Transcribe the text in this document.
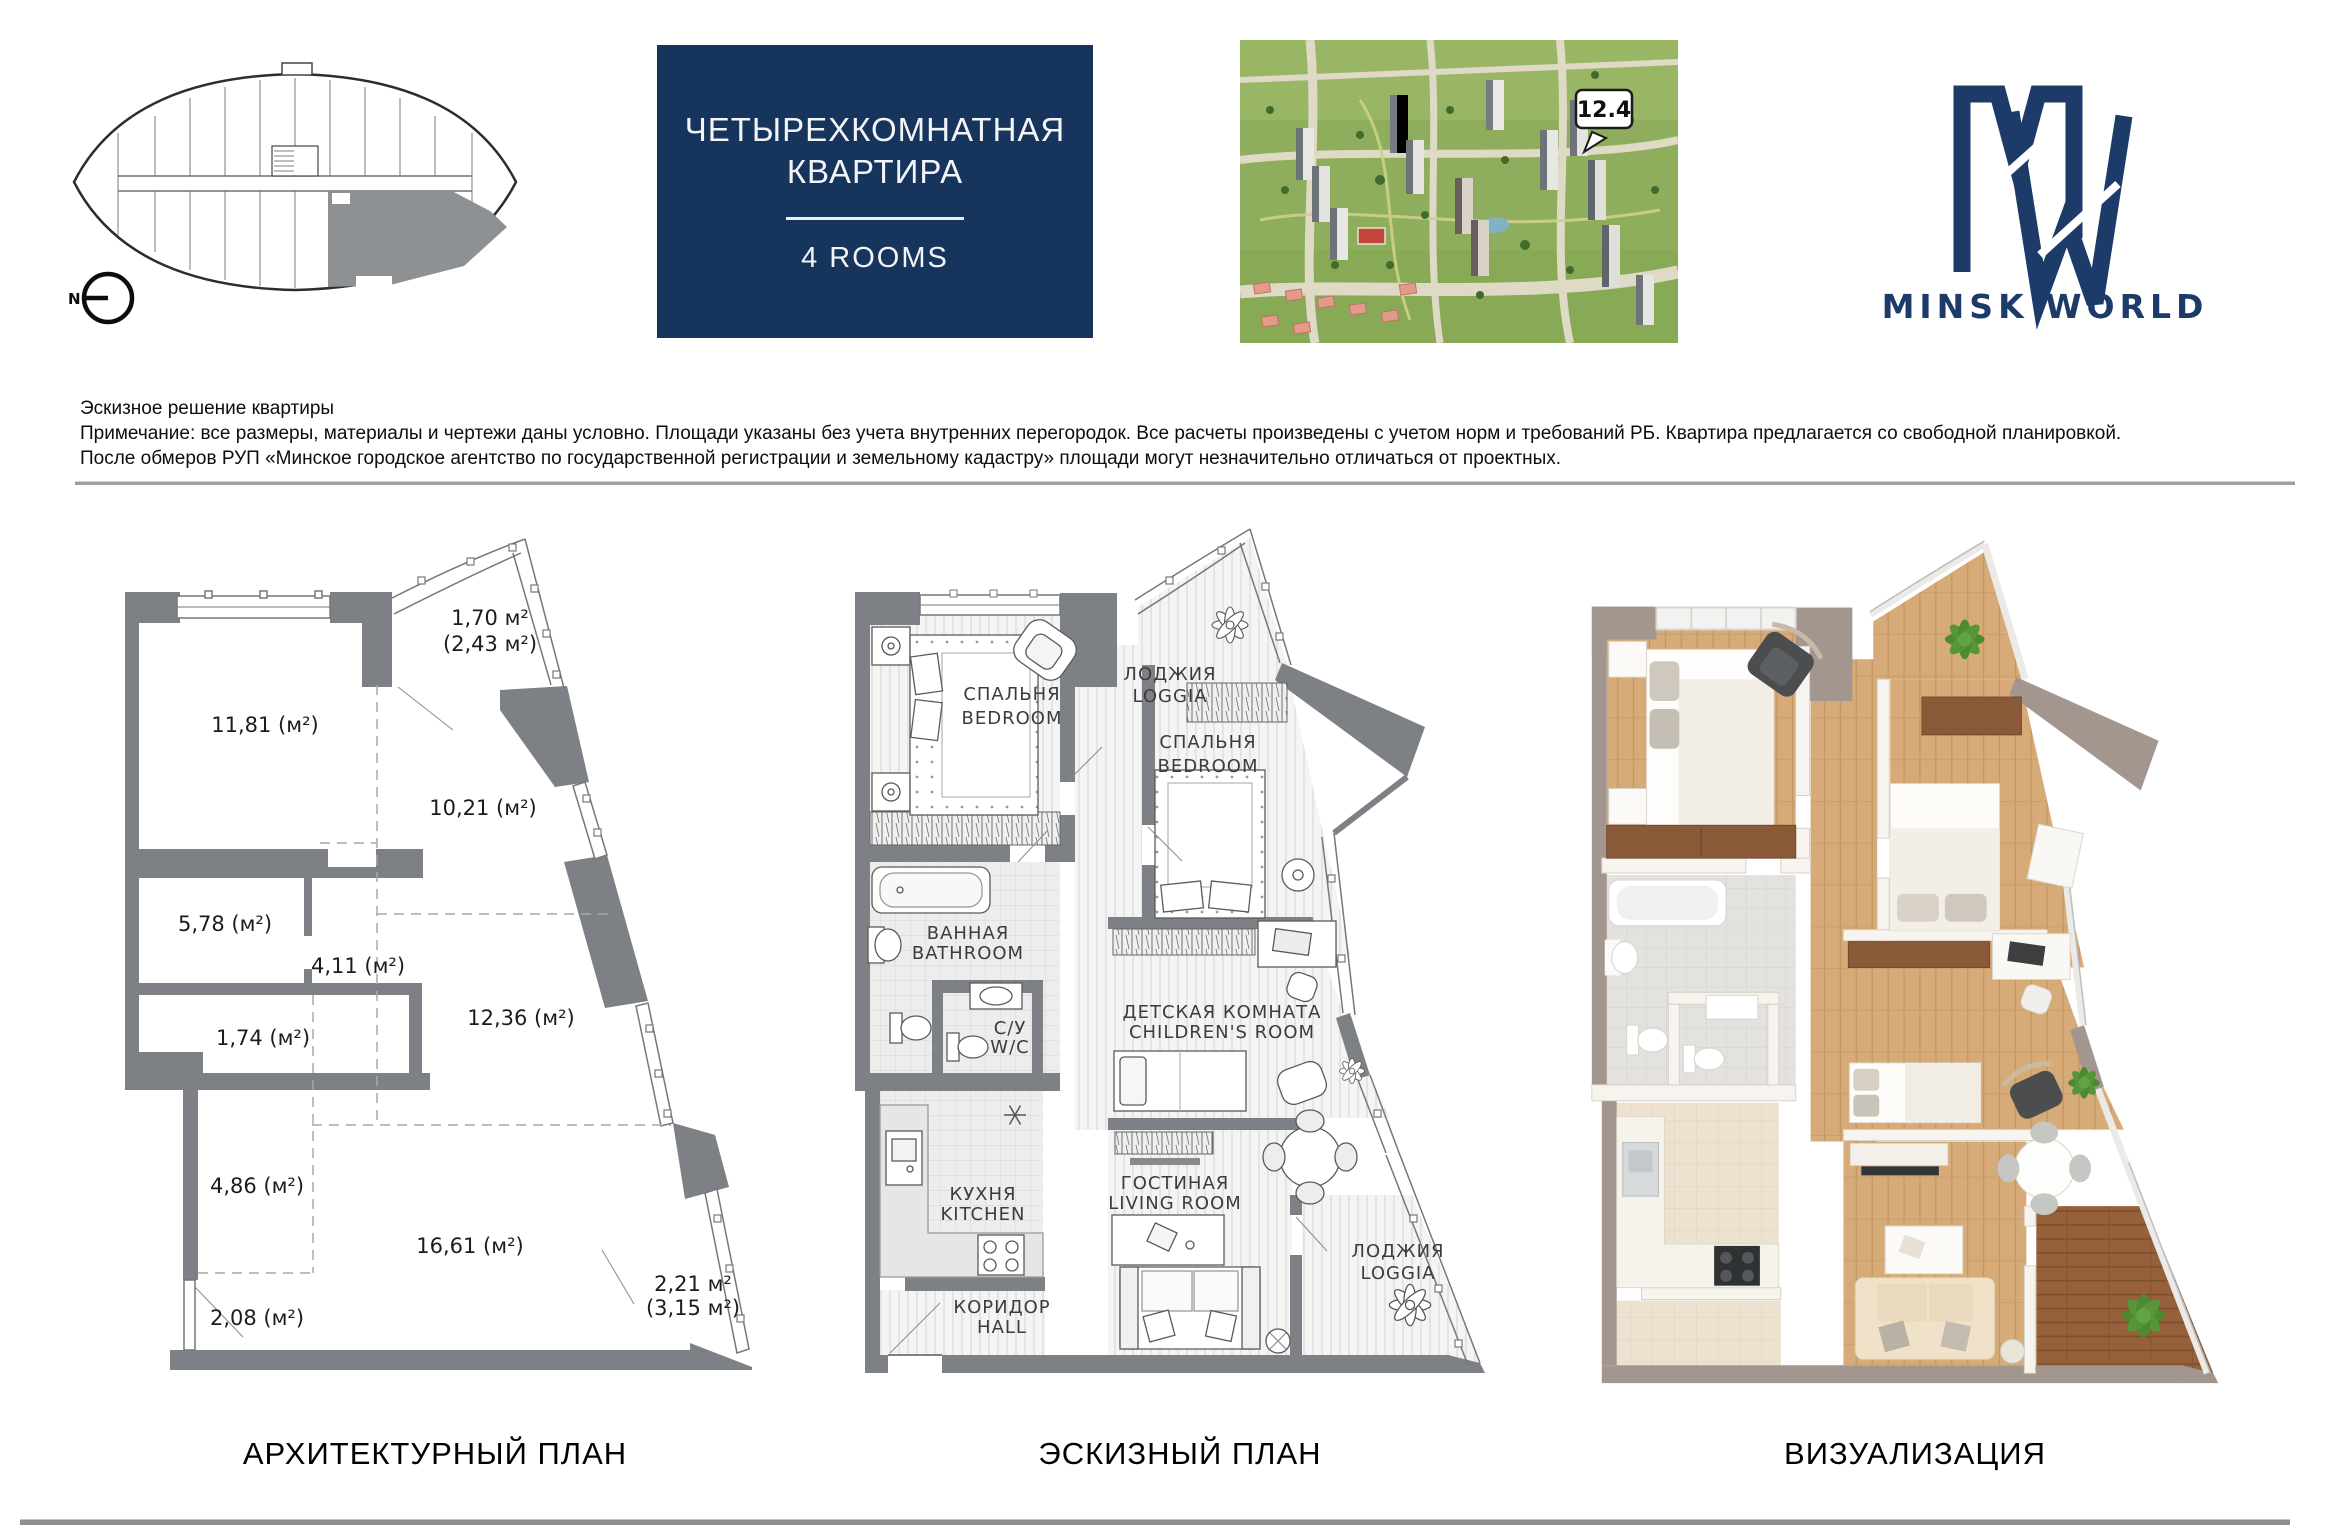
N
ЧЕТЫРЕХКОМНАТНАЯ
КВАРТИРА
4 ROOMS
12.4
MINSK WORLD
Эскизное решение квартиры
Примечание: все размеры, материалы и чертежи даны условно. Площади указаны без учета внутренних перегородок. Все расчеты произведены с учетом норм и требований РБ. Квартира предлагается со свободной планировкой.
После обмеров РУП «Минское городское агентство по государственной регистрации и земельному кадастру» площади могут незначительно отличаться от проектных.
1,70 м²
(2,43 м²)
11,81 (м²)
10,21 (м²)
5,78 (м²)
4,11 (м²)
1,74 (м²)
12,36 (м²)
4,86 (м²)
16,61 (м²)
2,08 (м²)
2,21 м²
(3,15 м²)
ЛОДЖИЯ
LOGGIA
СПАЛЬНЯ
BEDROOM
СПАЛЬНЯ
BEDROOM
ВАННАЯ
BATHROOM
С/У
W/C
ДЕТСКАЯ КОМНАТА
CHILDREN'S ROOM
КУХНЯ
KITCHEN
ГОСТИНАЯ
LIVING ROOM
КОРИДОР
HALL
ЛОДЖИЯ
LOGGIA
АРХИТЕКТУРНЫЙ ПЛАН	ЭСКИЗНЫЙ ПЛАН	ВИЗУАЛИЗАЦИЯ
